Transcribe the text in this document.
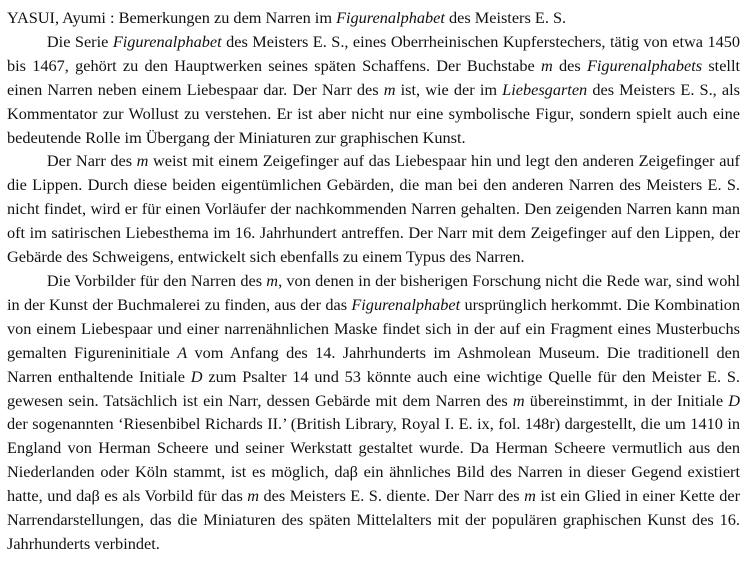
YASUI, Ayumi : Bemerkungen zu dem Narren im Figurenalphabet des Meisters E. S.

Die Serie Figurenalphabet des Meisters E. S., eines Oberrheinischen Kupferstechers, tätig von etwa 1450 bis 1467, gehört zu den Hauptwerken seines späten Schaffens. Der Buchstabe m des Figurenalphabets stellt einen Narren neben einem Liebespaar dar. Der Narr des m ist, wie der im Liebesgarten des Meisters E. S., als Kommentator zur Wollust zu verstehen. Er ist aber nicht nur eine symbolische Figur, sondern spielt auch eine bedeutende Rolle im Übergang der Miniaturen zur graphischen Kunst.

Der Narr des m weist mit einem Zeigefinger auf das Liebespaar hin und legt den anderen Zeigefinger auf die Lippen. Durch diese beiden eigentümlichen Gebärden, die man bei den anderen Narren des Meisters E. S. nicht findet, wird er für einen Vorläufer der nachkommenden Narren gehalten. Den zeigenden Narren kann man oft im satirischen Liebesthema im 16. Jahrhundert antreffen. Der Narr mit dem Zeigefinger auf den Lippen, der Gebärde des Schweigens, entwickelt sich ebenfalls zu einem Typus des Narren.

Die Vorbilder für den Narren des m, von denen in der bisherigen Forschung nicht die Rede war, sind wohl in der Kunst der Buchmalerei zu finden, aus der das Figurenalphabet ursprünglich herkommt. Die Kombination von einem Liebespaar und einer narrenähnlichen Maske findet sich in der auf ein Fragment eines Musterbuchs gemalten Figureninitiale A vom Anfang des 14. Jahrhunderts im Ashmolean Museum. Die traditionell den Narren enthaltende Initiale D zum Psalter 14 und 53 könnte auch eine wichtige Quelle für den Meister E. S. gewesen sein. Tatsächlich ist ein Narr, dessen Gebärde mit dem Narren des m übereinstimmt, in der Initiale D der sogenannten ‘Riesenbibel Richards II.’ (British Library, Royal I. E. ix, fol. 148r) dargestellt, die um 1410 in England von Herman Scheere und seiner Werkstatt gestaltet wurde. Da Herman Scheere vermutlich aus den Niederlanden oder Köln stammt, ist es möglich, daβ ein ähnliches Bild des Narren in dieser Gegend existiert hatte, und daβ es als Vorbild für das m des Meisters E. S. diente. Der Narr des m ist ein Glied in einer Kette der Narrendarstellungen, das die Miniaturen des späten Mittelalters mit der populären graphischen Kunst des 16. Jahrhunderts verbindet.
